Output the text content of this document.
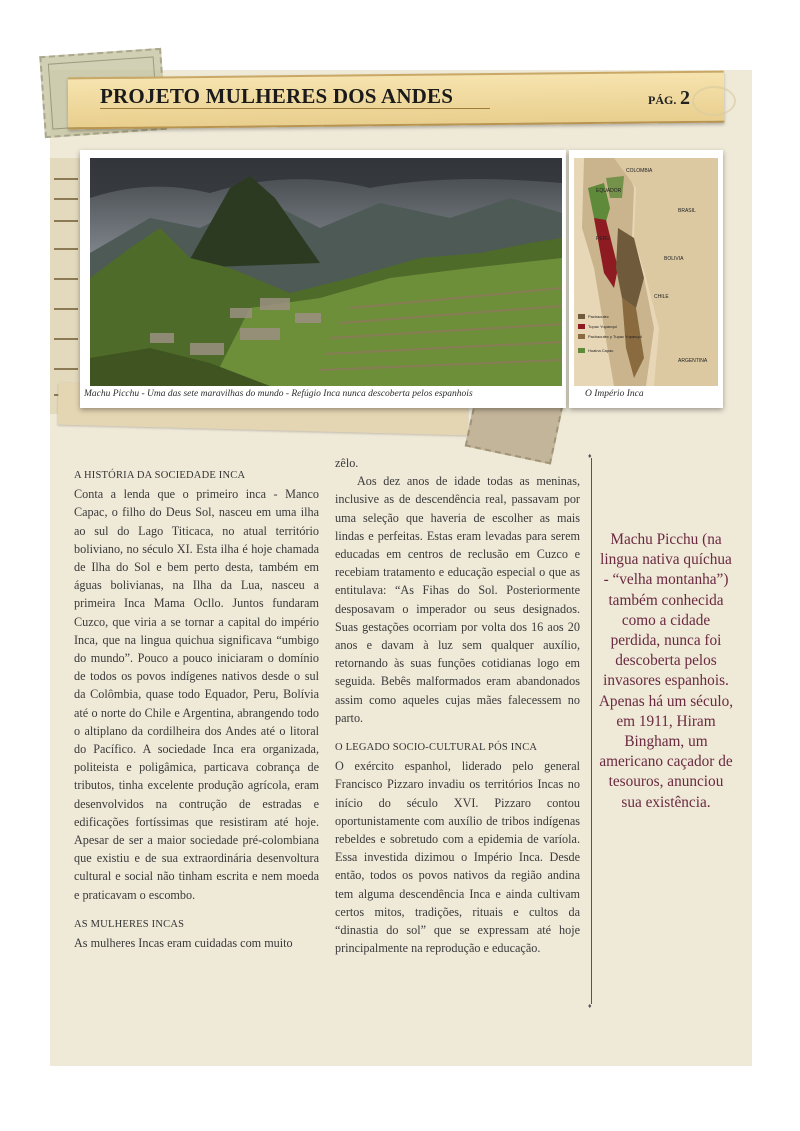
PROJETO MULHERES DOS ANDES	PÁG. 2
Machu Picchu - Uma das sete maravilhas do mundo - Refúgio Inca nunca descoberta pelos espanhois
COLOMBIA
EQUADOR
BRASIL
PERÚ
BOLIVIA
CHILE
ARGENTINA
Pachacutec
Tupac Yupanqui
Pachacutec y Tupac Yupanqui
Huaina Capac
O Império Inca

A HISTÓRIA DA SOCIEDADE INCA

Conta a lenda que o primeiro inca - Manco Capac, o filho do Deus Sol, nasceu em uma ilha ao sul do Lago Titicaca, no atual território boliviano, no século XI. Esta ilha é hoje chamada de Ilha do Sol e bem perto desta, também em águas bolivianas, na Ilha da Lua, nasceu a primeira Inca Mama Ocllo. Juntos fundaram Cuzco, que viria a se tornar a capital do império Inca, que na lingua quichua significava “umbigo do mundo”. Pouco a pouco iniciaram o domínio de todos os povos indígenes nativos desde o sul da Colômbia, quase todo Equador, Peru, Bolívia até o norte do Chile e Argentina, abrangendo todo o altiplano da cordilheira dos Andes até o litoral do Pacífico. A sociedade Inca era organizada, politeista e poligâmica, particava cobrança de tributos, tinha excelente produção agrícola, eram desenvolvidos na contrução de estradas e edificações fortíssimas que resistiram até hoje. Apesar de ser a maior sociedade pré-colombiana que existiu e de sua extraordinária desenvoltura cultural e social não tinham escrita e nem moeda e praticavam o escombo.

AS MULHERES INCAS

As mulheres Incas eram cuidadas com muito

zêlo.

Aos dez anos de idade todas as meninas, inclusive as de descendência real, passavam por uma seleção que haveria de escolher as mais lindas e perfeitas. Estas eram levadas para serem educadas em centros de reclusão em Cuzco e recebiam tratamento e educação especial o que as entitulava: “As Fihas do Sol. Posteriormente desposavam o imperador ou seus designados. Suas gestações ocorriam por volta dos 16 aos 20 anos e davam à luz sem qualquer auxílio, retornando às suas funções cotidianas logo em seguida. Bebês malformados eram abandonados assim como aqueles cujas mães falecessem no parto.

O LEGADO SOCIO-CULTURAL PÓS INCA

O exército espanhol, liderado pelo general Francisco Pizzaro invadiu os territórios Incas no início do século XVI. Pizzaro contou oportunistamente com auxílio de tribos indígenas rebeldes e sobretudo com a epidemia de varíola. Essa investida dizimou o Império Inca. Desde então, todos os povos nativos da região andina tem alguma descendência Inca e ainda cultivam certos mitos, tradições, rituais e cultos da “dinastia do sol” que se expressam até hoje principalmente na reprodução e educação.

♦ ♦
Machu Picchu (na lingua nativa quíchua - “velha montanha”) também conhecida como a cidade perdida, nunca foi descoberta pelos invasores espanhois. Apenas há um século, em 1911, Hiram Bingham, um americano caçador de tesouros, anunciou sua existência.
